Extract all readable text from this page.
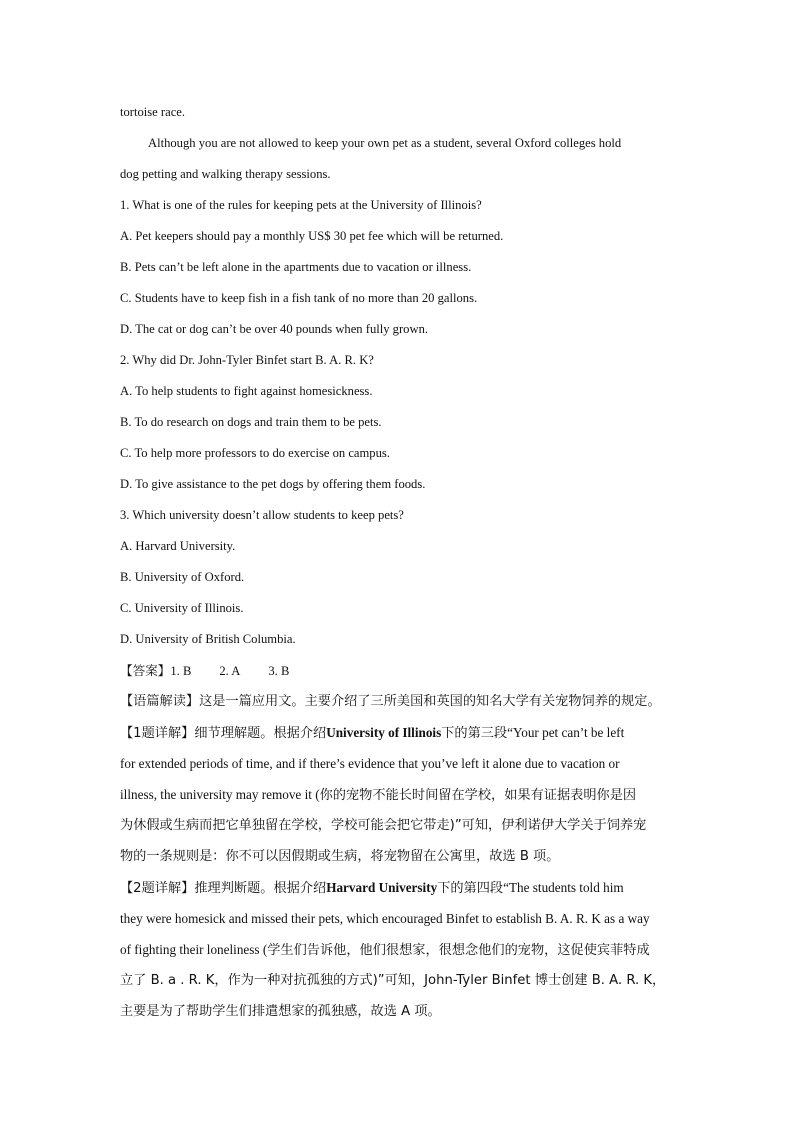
tortoise race.
Although you are not allowed to keep your own pet as a student, several Oxford colleges hold
dog petting and walking therapy sessions.
1. What is one of the rules for keeping pets at the University of Illinois?
A. Pet keepers should pay a monthly US$ 30 pet fee which will be returned.
B. Pets can’t be left alone in the apartments due to vacation or illness.
C. Students have to keep fish in a fish tank of no more than 20 gallons.
D. The cat or dog can’t be over 40 pounds when fully grown.
2. Why did Dr. John-Tyler Binfet start B. A. R. K?
A. To help students to fight against homesickness.
B. To do research on dogs and train them to be pets.
C. To help more professors to do exercise on campus.
D. To give assistance to the pet dogs by offering them foods.
3. Which university doesn’t allow students to keep pets?
A. Harvard University.
B. University of Oxford.
C. University of Illinois.
D. University of British Columbia.
【答案】1. B 2. A 3. B
【语篇解读】这是一篇应用文。主要介绍了三所美国和英国的知名大学有关宠物饲养的规定。
【1题详解】细节理解题。根据介绍University of Illinois下的第三段“Your pet can’t be left
for extended periods of time, and if there’s evidence that you’ve left it alone due to vacation or
illness, the university may remove it (你的宠物不能长时间留在学校，如果有证据表明你是因
为休假或生病而把它单独留在学校，学校可能会把它带走)”可知，伊利诺伊大学关于饲养宠
物的一条规则是：你不可以因假期或生病，将宠物留在公寓里，故选 B 项。
【2题详解】推理判断题。根据介绍Harvard University下的第四段“The students told him
they were homesick and missed their pets, which encouraged Binfet to establish B. A. R. K as a way
of fighting their loneliness (学生们告诉他，他们很想家，很想念他们的宠物，这促使宾菲特成
立了 B. a . R. K，作为一种对抗孤独的方式)”可知，John-Tyler Binfet 博士创建 B. A. R. K，
主要是为了帮助学生们排遣想家的孤独感，故选 A 项。
